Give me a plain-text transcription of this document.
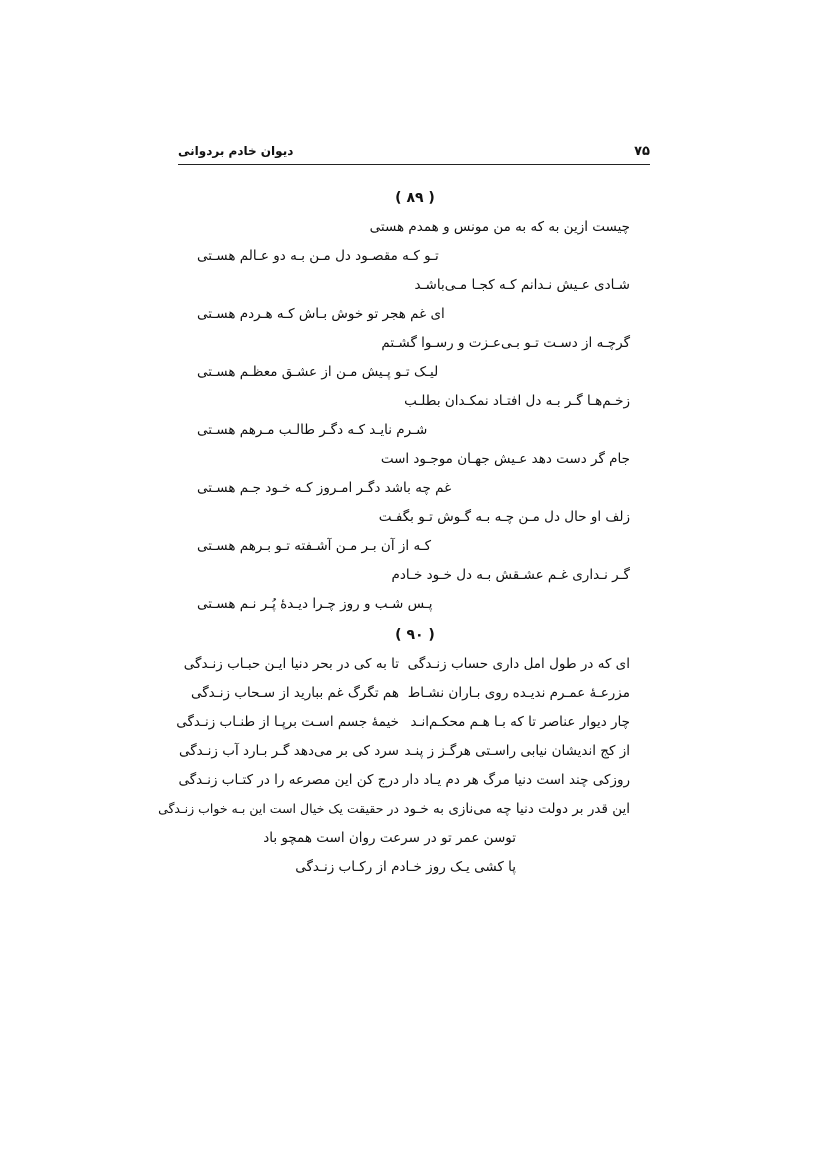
۷۵
دیوان خادم بردوانی
( ۸۹ )
چیست ازین به که به من مونس و همدم هستی
تـو کـه مقصـود دل مـن بـه دو عـالم هسـتی
شـادی عـیش نـدانم کـه کجـا مـی‌باشـد
ای غم هجر تو خوش بـاش کـه هـردم هسـتی
گرچـه از دسـت تـو بـی‌عـزت و رسـوا گشـتم
لیـک تـو پـیش مـن از عشـق معظـم هسـتی
زخـم‌هـا گـر بـه دل افتـاد نمکـدان بطلـب
شـرم نایـد کـه دگـر طالـب مـرهم هسـتی
جام گر دست دهد عـیش جهـان موجـود است
غم چه باشد دگـر امـروز کـه خـود جـم هسـتی
زلف او حال دل مـن چـه بـه گـوش تـو بگفـت
کـه از آن بـر مـن آشـفته تـو بـرهم هسـتی
گـر نـداری غـم عشـقش بـه دل خـود خـادم
پـس شـب و روز چـرا دیـدهٔ پُـر نـم هسـتی
( ۹۰ )
ای که در طول امل داری حساب زنـدگی
تا به کی در بحر دنیا ایـن حبـاب زنـدگی
مزرعـهٔ عمـرم ندیـده روی بـاران نشـاط
هم تگرگ غم ببارید از سـحاب زنـدگی
چار دیوار عناصر تا که بـا هـم محکـم‌انـد
خیمهٔ جسم اسـت برپـا از طنـاب زنـدگی
از کج اندیشان نیابی راسـتی هرگـز ز پنـد
سرد کی بر می‌دهد گـر بـارد آب زنـدگی
روزکی چند است دنیا مرگ هر دم یـاد دار
درج کن این مصرعه را در کتـاب زنـدگی
این قدر بر دولت دنیا چه می‌نازی به خـود
در حقیقت یک خیال است این بـه خواب زنـدگی
توسن عمر تو در سرعت روان است همچو باد
پا کشی یـک روز خـادم از رکـاب زنـدگی
